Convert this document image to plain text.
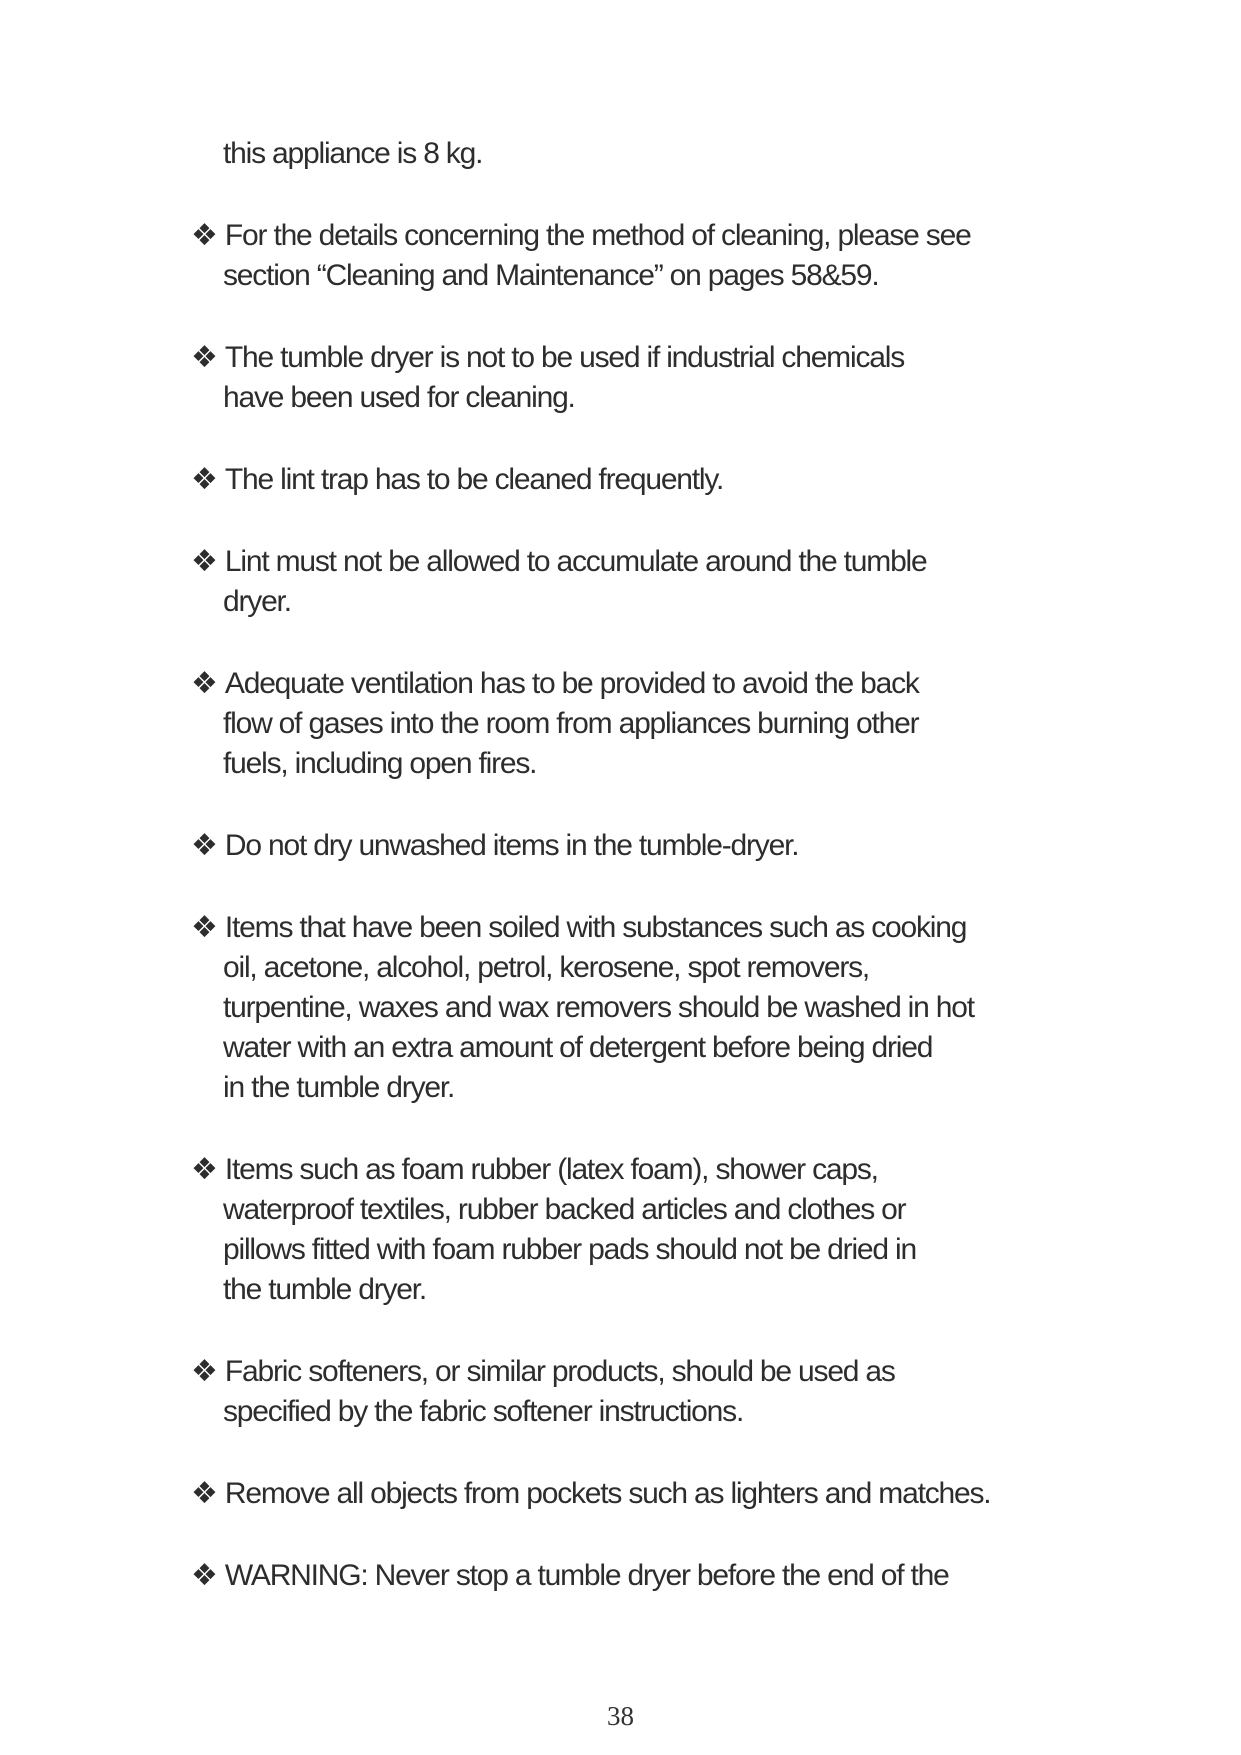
this appliance is 8 kg.
❖ For the details concerning the method of cleaning, please see
section “Cleaning and Maintenance” on pages 58&59.
❖ The tumble dryer is not to be used if industrial chemicals
have been used for cleaning.
❖ The lint trap has to be cleaned frequently.
❖ Lint must not be allowed to accumulate around the tumble
dryer.
❖ Adequate ventilation has to be provided to avoid the back
flow of gases into the room from appliances burning other
fuels, including open fires.
❖ Do not dry unwashed items in the tumble-dryer.
❖ Items that have been soiled with substances such as cooking
oil, acetone, alcohol, petrol, kerosene, spot removers,
turpentine, waxes and wax removers should be washed in hot
water with an extra amount of detergent before being dried
in the tumble dryer.
❖ Items such as foam rubber (latex foam), shower caps,
waterproof textiles, rubber backed articles and clothes or
pillows fitted with foam rubber pads should not be dried in
the tumble dryer.
❖ Fabric softeners, or similar products, should be used as
specified by the fabric softener instructions.
❖ Remove all objects from pockets such as lighters and matches.
❖ WARNING: Never stop a tumble dryer before the end of the
38
